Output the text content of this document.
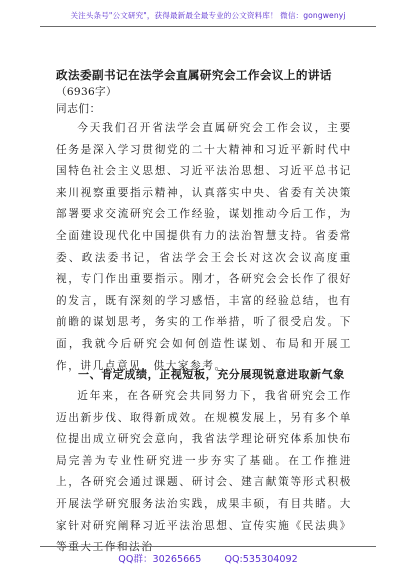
关注头条号"公文研究"，获得最新最全最专业的公文资料库！ 微信：gongwenyj
政法委副书记在法学会直属研究会工作会议上的讲话
（6936字）
同志们：

今天我们召开省法学会直属研究会工作会议，主要任务是深入学习贯彻党的二十大精神和习近平新时代中国特色社会主义思想、习近平法治思想、习近平总书记来川视察重要指示精神，认真落实中央、省委有关决策部署要求交流研究会工作经验，谋划推动今后工作，为全面建设现代化中国提供有力的法治智慧支持。省委常委、政法委书记，省法学会王会长对这次会议高度重视，专门作出重要指示。刚才，各研究会会长作了很好的发言，既有深刻的学习感悟，丰富的经验总结，也有前瞻的谋划思考，务实的工作举措，听了很受启发。下面，我就今后研究会如何创造性谋划、布局和开展工作，讲几点意见，供大家参考。

一、肯定成绩，正视短板，充分展现锐意进取新气象

近年来，在各研究会共同努力下，我省研究会工作迈出新步伐、取得新成效。在规模发展上，另有多个单位提出成立研究会意向，我省法学理论研究体系加快布局完善为专业性研究进一步夯实了基础。在工作推进上，各研究会通过课题、研讨会、建言献策等形式积极开展法学研究服务法治实践，成果丰硕，有目共睹。大家针对研究阐释习近平法治思想、宣传实施《民法典》等重大工作和法治

QQ群：30265665 QQ:535304092
